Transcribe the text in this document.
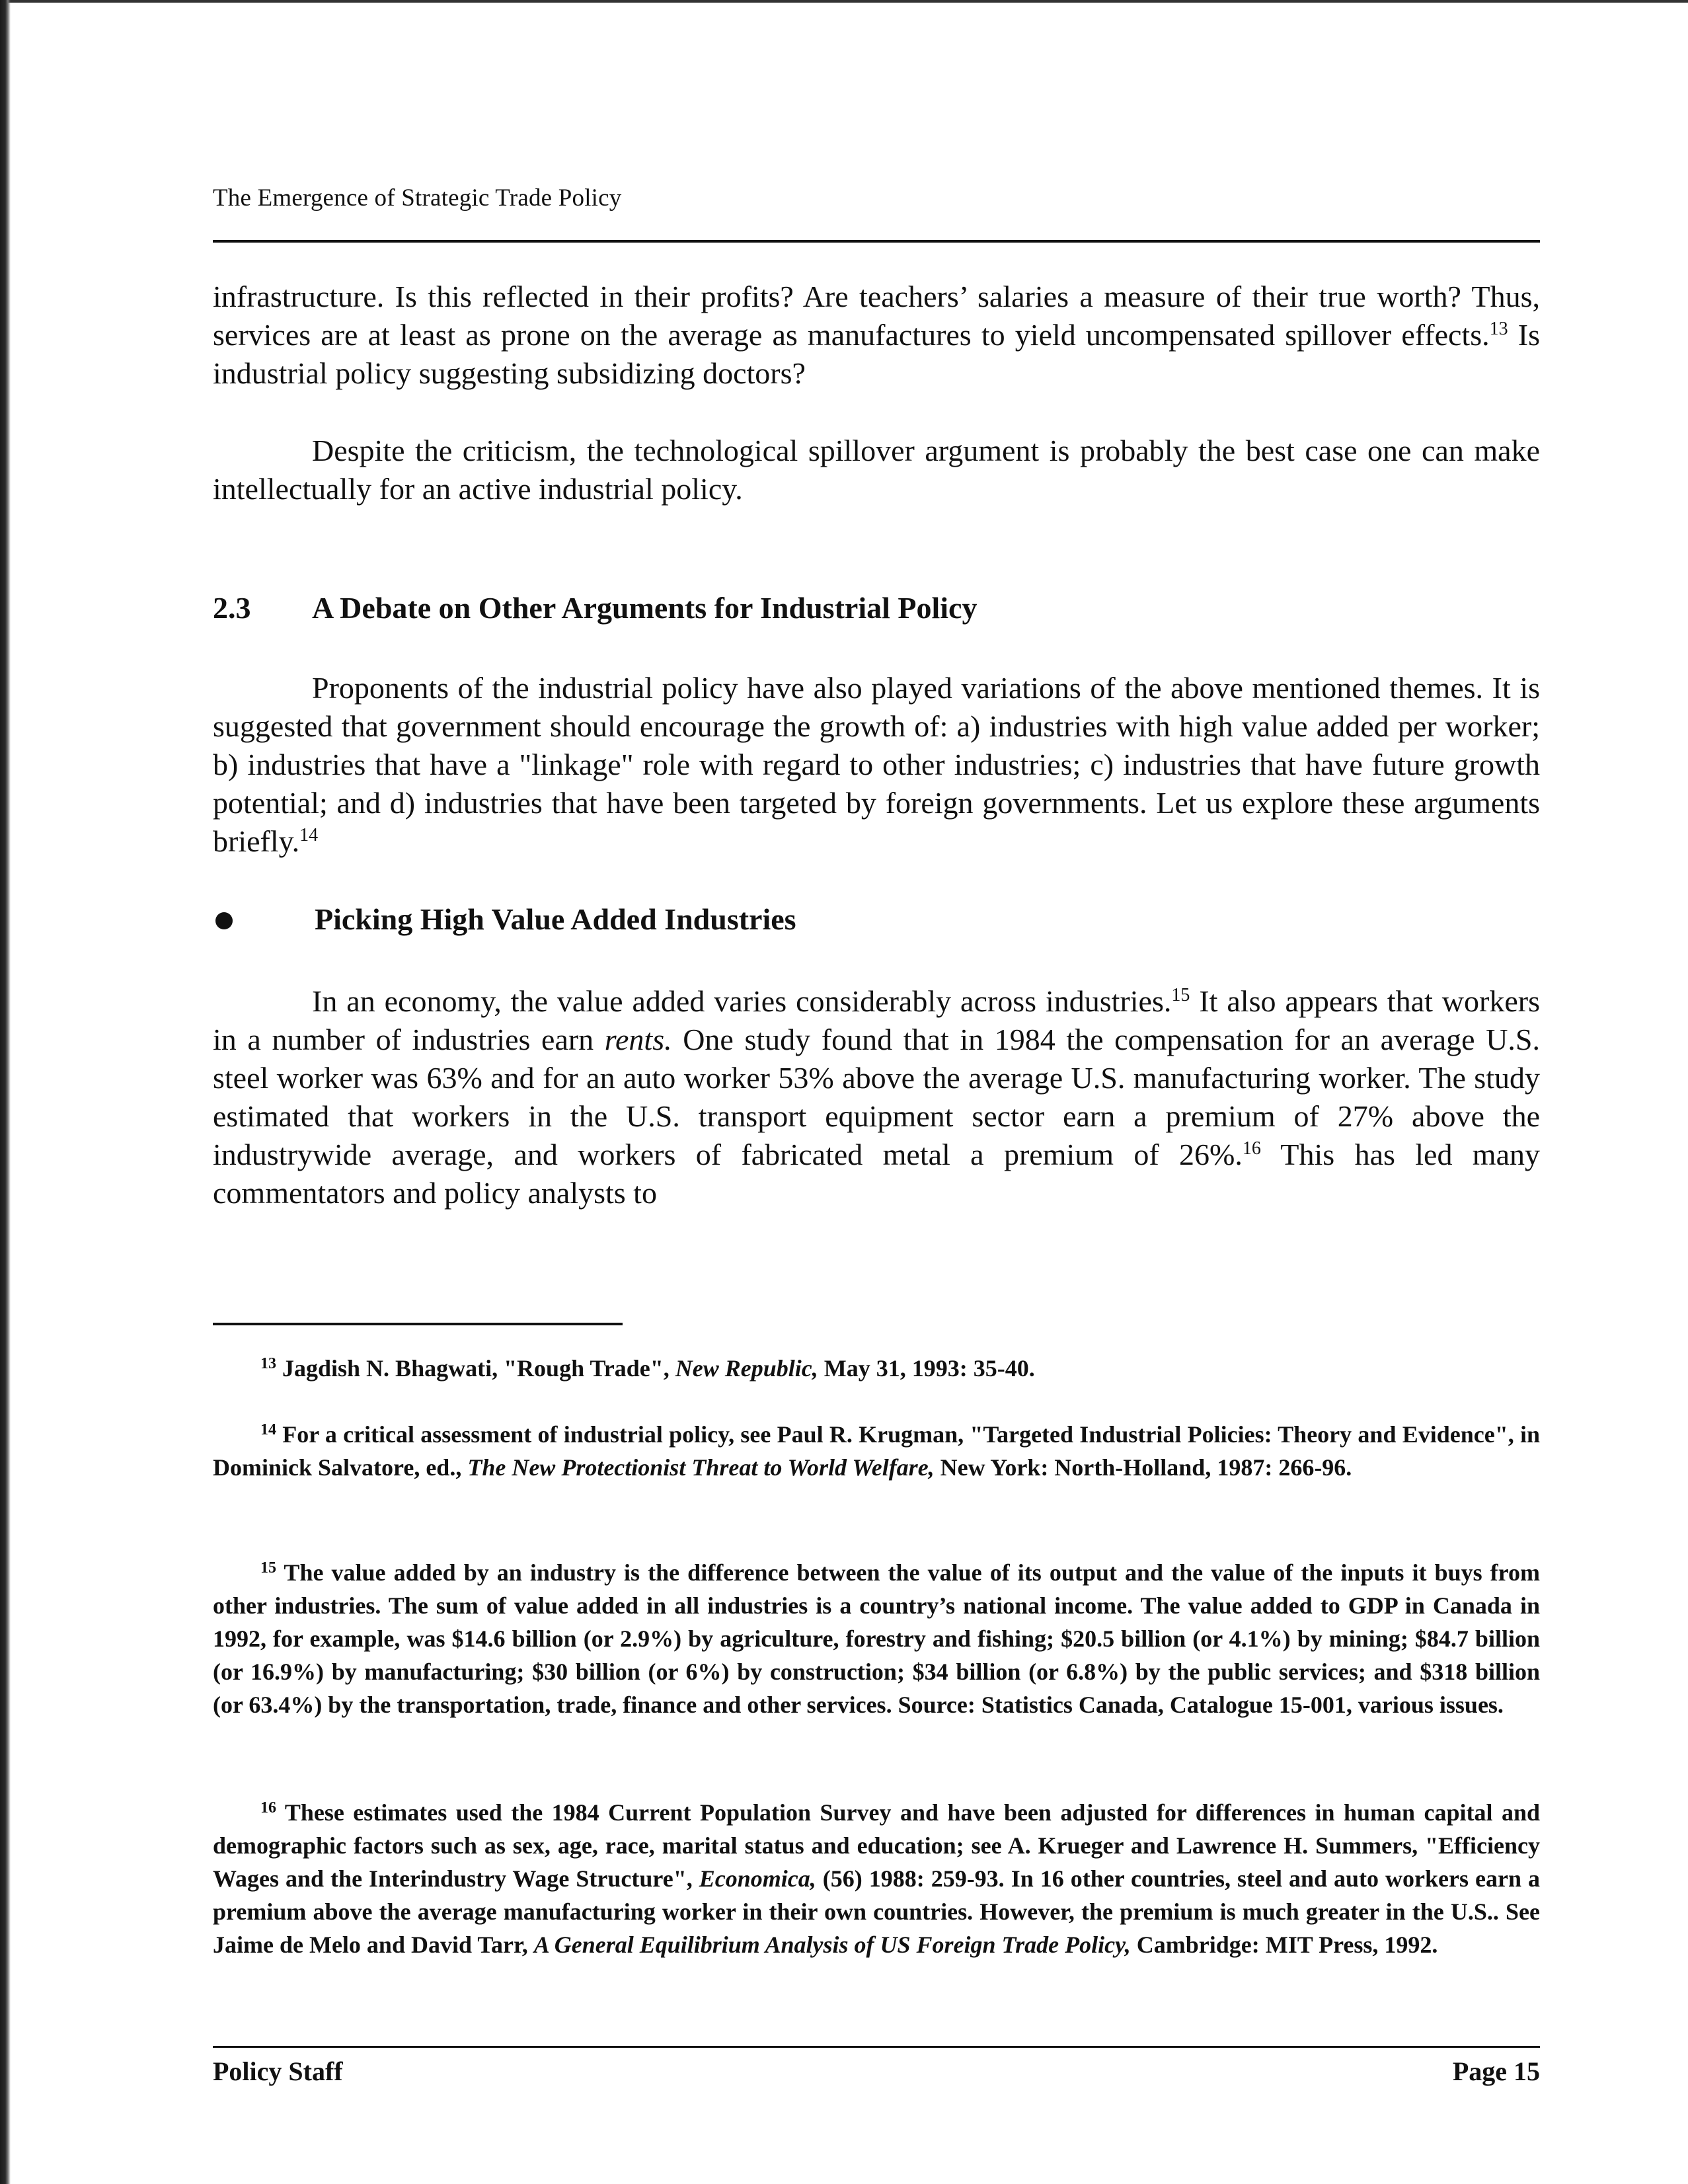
The Emergence of Strategic Trade Policy
infrastructure. Is this reflected in their profits? Are teachers’ salaries a measure of their true worth? Thus, services are at least as prone on the average as manufactures to yield uncompensated spillover effects.$^{13}$ Is industrial policy suggesting subsidizing doctors?
Despite the criticism, the technological spillover argument is probably the best case one can make intellectually for an active industrial policy.
2.3 A Debate on Other Arguments for Industrial Policy
Proponents of the industrial policy have also played variations of the above mentioned themes. It is suggested that government should encourage the growth of: a) industries with high value added per worker; b) industries that have a "linkage" role with regard to other industries; c) industries that have future growth potential; and d) industries that have been targeted by foreign governments. Let us explore these arguments briefly.$^{14}$
Picking High Value Added Industries
In an economy, the value added varies considerably across industries.$^{15}$ It also appears that workers in a number of industries earn rents. One study found that in 1984 the compensation for an average U.S. steel worker was 63% and for an auto worker 53% above the average U.S. manufacturing worker. The study estimated that workers in the U.S. transport equipment sector earn a premium of 27% above the industrywide average, and workers of fabricated metal a premium of 26%.$^{16}$ This has led many commentators and policy analysts to
$^{13}$ Jagdish N. Bhagwati, "Rough Trade", New Republic, May 31, 1993: 35-40.
$^{14}$ For a critical assessment of industrial policy, see Paul R. Krugman, "Targeted Industrial Policies: Theory and Evidence", in Dominick Salvatore, ed., The New Protectionist Threat to World Welfare, New York: North-Holland, 1987: 266-96.
$^{15}$ The value added by an industry is the difference between the value of its output and the value of the inputs it buys from other industries. The sum of value added in all industries is a country’s national income. The value added to GDP in Canada in 1992, for example, was $14.6 billion (or 2.9%) by agriculture, forestry and fishing; $20.5 billion (or 4.1%) by mining; $84.7 billion (or 16.9%) by manufacturing; $30 billion (or 6%) by construction; $34 billion (or 6.8%) by the public services; and $318 billion (or 63.4%) by the transportation, trade, finance and other services. Source: Statistics Canada, Catalogue 15-001, various issues.
$^{16}$ These estimates used the 1984 Current Population Survey and have been adjusted for differences in human capital and demographic factors such as sex, age, race, marital status and education; see A. Krueger and Lawrence H. Summers, "Efficiency Wages and the Interindustry Wage Structure", Economica, (56) 1988: 259-93. In 16 other countries, steel and auto workers earn a premium above the average manufacturing worker in their own countries. However, the premium is much greater in the U.S.. See Jaime de Melo and David Tarr, A General Equilibrium Analysis of US Foreign Trade Policy, Cambridge: MIT Press, 1992.
Policy Staff	Page 15
